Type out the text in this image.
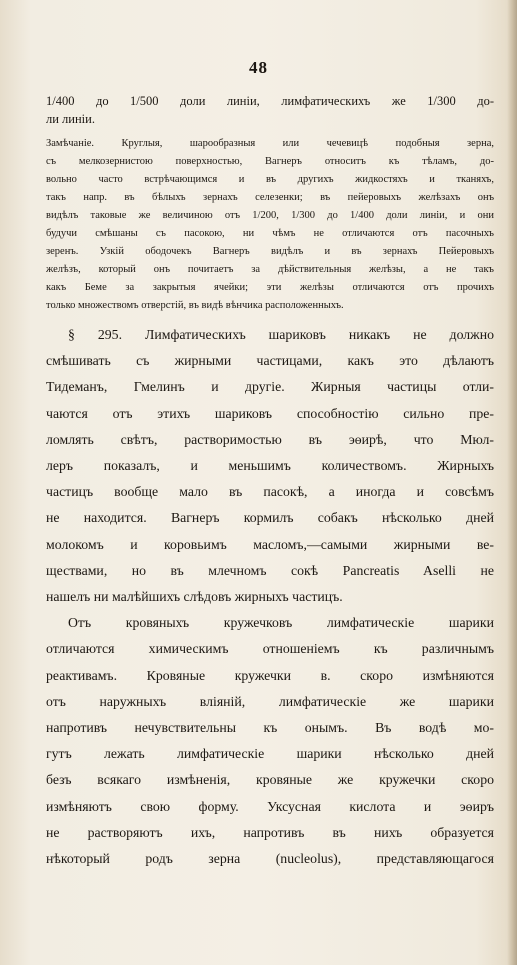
48
1/400 до 1/500 доли линіи, лимфатическихъ же 1/300 до-
ли линіи.
Замѣчаніе. Круглыя, шарообразныя или чечевицѣ подобныя зерна,
съ мелкозернистою поверхностью, Вагнеръ относитъ къ тѣламъ, до-
вольно часто встрѣчающимся и въ другихъ жидкостяхъ и тканяхъ,
такъ напр. въ бѣлыхъ зернахъ селезенки; въ пейеровыхъ желѣзахъ онъ
видѣлъ таковые же величиною отъ 1/200, 1/300 до 1/400 доли линіи, и они
будучи смѣшаны съ пасокою, ни чѣмъ не отличаются отъ пасочныхъ
зеренъ. Узкій ободочекъ Вагнеръ видѣлъ и въ зернахъ Пейеровыхъ
желѣзъ, который онъ почитаетъ за дѣйствительныя желѣзы, а не такъ
какъ Беме за закрытыя ячейки; эти желѣзы отличаются отъ прочихъ
только множествомъ отверстій, въ видѣ вѣнчика расположенныхъ.
§ 295. Лимфатическихъ шариковъ никакъ не должно
смѣшивать съ жирными частицами, какъ это дѣлаютъ
Тидеманъ, Гмелинъ и другіе. Жирныя частицы отли-
чаются отъ этихъ шариковъ способностію сильно пре-
ломлять свѣтъ, растворимостью въ эѳирѣ, что Мюл-
леръ показалъ, и меньшимъ количествомъ. Жирныхъ
частицъ вообще мало въ пасокѣ, а иногда и совсѣмъ
не находится. Вагнеръ кормилъ собакъ нѣсколько дней
молокомъ и коровьимъ масломъ,—самыми жирными ве-
ществами, но въ млечномъ сокѣ Pancreatis Aselli не
нашелъ ни малѣйшихъ слѣдовъ жирныхъ частицъ.
Отъ кровяныхъ кружечковъ лимфатическіе шарики
отличаются химическимъ отношеніемъ къ различнымъ
реактивамъ. Кровяные кружечки в. скоро измѣняются
отъ наружныхъ вліяній, лимфатическіе же шарики
напротивъ нечувствительны къ онымъ. Въ водѣ мо-
гутъ лежать лимфатическіе шарики нѣсколько дней
безъ всякаго измѣненія, кровяные же кружечки скоро
измѣняютъ свою форму. Уксусная кислота и эѳиръ
не растворяютъ ихъ, напротивъ въ нихъ образуется
нѣкоторый родъ зерна (nucleolus), представляющагося
